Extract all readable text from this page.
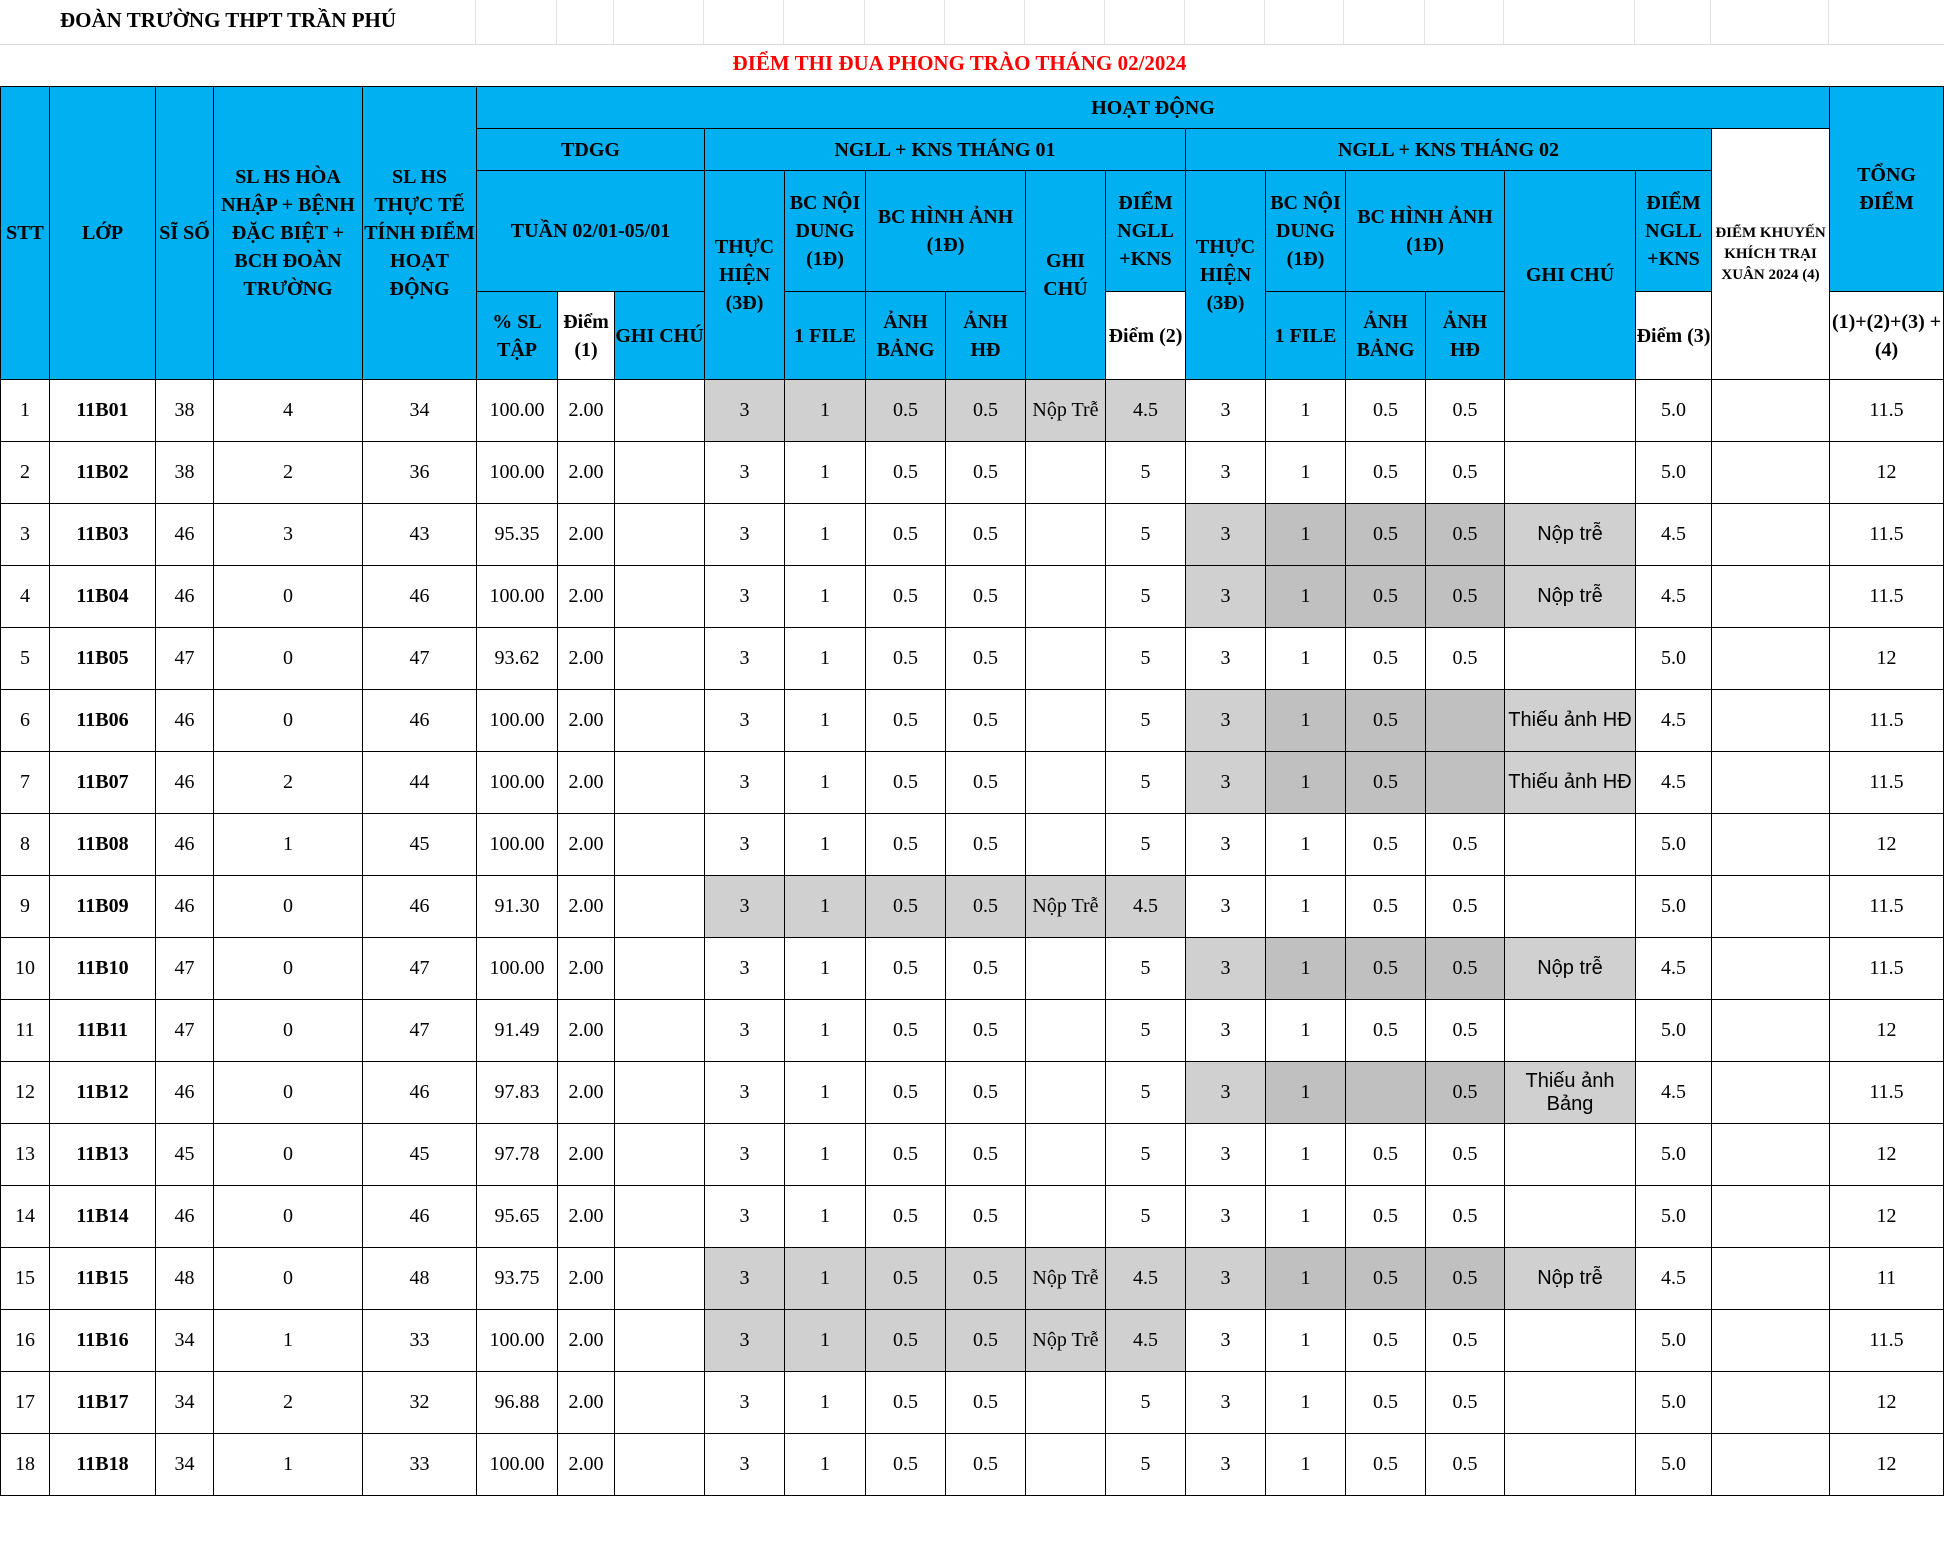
ĐOÀN TRƯỜNG THPT TRẦN PHÚ
ĐIỂM THI ĐUA PHONG TRÀO THÁNG 02/2024
STT	LỚP	SĨ SỐ	SL HS HÒA NHẬP + BỆNH ĐẶC BIỆT + BCH ĐOÀN TRƯỜNG	SL HS THỰC TẾ TÍNH ĐIỂM HOẠT ĐỘNG	HOẠT ĐỘNG																TỔNG ĐIỂM
					TDGG			NGLL + KNS THÁNG 01						NGLL + KNS THÁNG 02						ĐIỂM KHUYẾN KHÍCH TRẠI XUÂN 2024 (4)	
					TUẦN 02/01-05/01			THỰC HIỆN (3Đ)	BC NỘI DUNG (1Đ)	BC HÌNH ẢNH (1Đ)		GHI CHÚ	ĐIỂM NGLL +KNS	THỰC HIỆN (3Đ)	BC NỘI DUNG (1Đ)	BC HÌNH ẢNH (1Đ)		GHI CHÚ	ĐIỂM NGLL +KNS		
					% SL TẬP	Điểm (1)	GHI CHÚ		1 FILE	ẢNH BẢNG	ẢNH HĐ		Điểm (2)		1 FILE	ẢNH BẢNG	ẢNH HĐ		Điểm (3)		(1)+(2)+(3) +(4)
1	11B01	38	4	34	100.00	2.00		3	1	0.5	0.5	Nộp Trễ	4.5	3	1	0.5	0.5		5.0		11.5
2	11B02	38	2	36	100.00	2.00		3	1	0.5	0.5		5	3	1	0.5	0.5		5.0		12
3	11B03	46	3	43	95.35	2.00		3	1	0.5	0.5		5	3	1	0.5	0.5	Nộp trễ	4.5		11.5
4	11B04	46	0	46	100.00	2.00		3	1	0.5	0.5		5	3	1	0.5	0.5	Nộp trễ	4.5		11.5
5	11B05	47	0	47	93.62	2.00		3	1	0.5	0.5		5	3	1	0.5	0.5		5.0		12
6	11B06	46	0	46	100.00	2.00		3	1	0.5	0.5		5	3	1	0.5		Thiếu ảnh HĐ	4.5		11.5
7	11B07	46	2	44	100.00	2.00		3	1	0.5	0.5		5	3	1	0.5		Thiếu ảnh HĐ	4.5		11.5
8	11B08	46	1	45	100.00	2.00		3	1	0.5	0.5		5	3	1	0.5	0.5		5.0		12
9	11B09	46	0	46	91.30	2.00		3	1	0.5	0.5	Nộp Trễ	4.5	3	1	0.5	0.5		5.0		11.5
10	11B10	47	0	47	100.00	2.00		3	1	0.5	0.5		5	3	1	0.5	0.5	Nộp trễ	4.5		11.5
11	11B11	47	0	47	91.49	2.00		3	1	0.5	0.5		5	3	1	0.5	0.5		5.0		12
12	11B12	46	0	46	97.83	2.00		3	1	0.5	0.5		5	3	1		0.5	Thiếu ảnh Bảng	4.5		11.5
13	11B13	45	0	45	97.78	2.00		3	1	0.5	0.5		5	3	1	0.5	0.5		5.0		12
14	11B14	46	0	46	95.65	2.00		3	1	0.5	0.5		5	3	1	0.5	0.5		5.0		12
15	11B15	48	0	48	93.75	2.00		3	1	0.5	0.5	Nộp Trễ	4.5	3	1	0.5	0.5	Nộp trễ	4.5		11
16	11B16	34	1	33	100.00	2.00		3	1	0.5	0.5	Nộp Trễ	4.5	3	1	0.5	0.5		5.0		11.5
17	11B17	34	2	32	96.88	2.00		3	1	0.5	0.5		5	3	1	0.5	0.5		5.0		12
18	11B18	34	1	33	100.00	2.00		3	1	0.5	0.5		5	3	1	0.5	0.5		5.0		12
